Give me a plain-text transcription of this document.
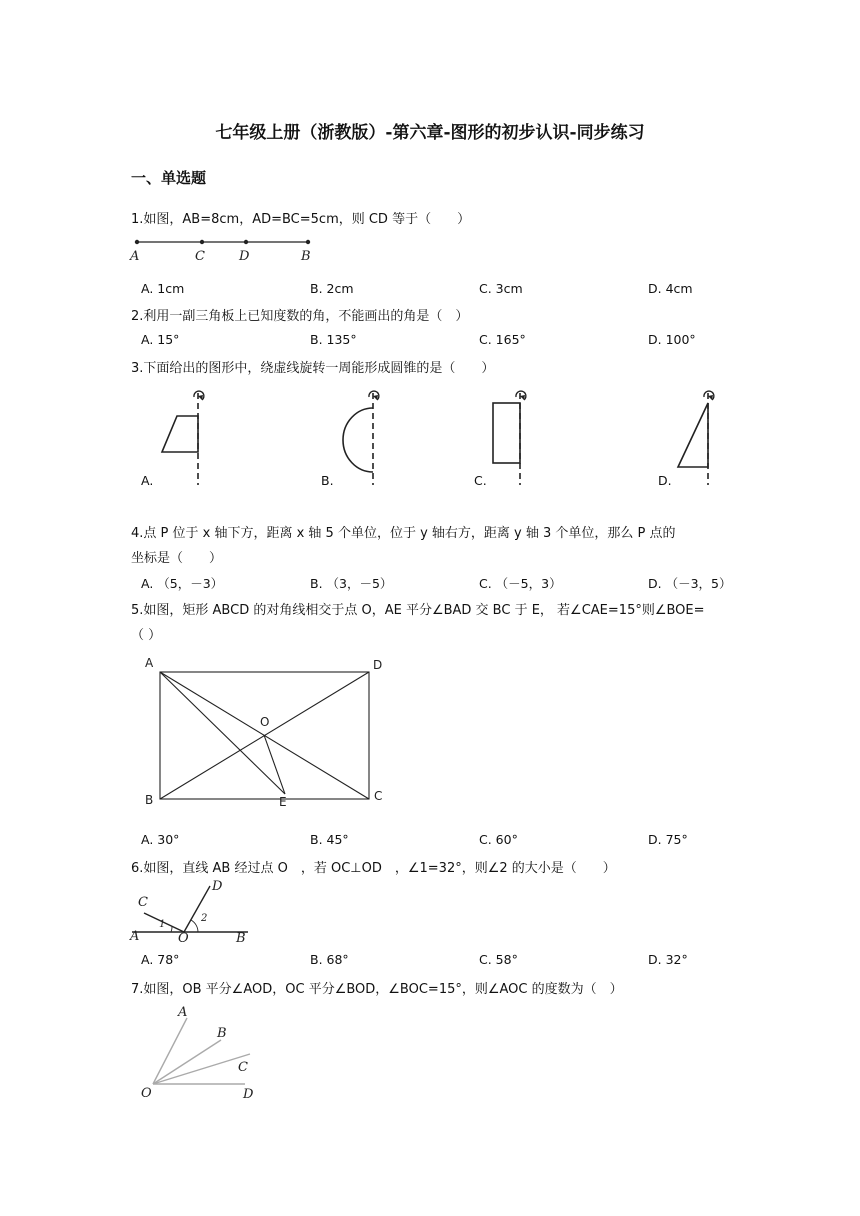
七年级上册（浙教版）-第六章-图形的初步认识-同步练习
一、单选题
1.如图，AB=8cm，AD=BC=5cm，则 CD 等于（　　）
A	C	D	B
A. 1cm	B. 2cm	C. 3cm	D. 4cm
2.利用一副三角板上已知度数的角，不能画出的角是（　）
A. 15°	B. 135°	C. 165°	D. 100°
3.下面给出的图形中，绕虚线旋转一周能形成圆锥的是（　　）
A.	B.	C.	D.
4.点 P 位于 x 轴下方，距离 x 轴 5 个单位，位于 y 轴右方，距离 y 轴 3 个单位，那么 P 点的
坐标是（　　）
A. （5，－3）	B. （3，－5）	C. （－5，3）	D. （－3，5）
5.如图，矩形 ABCD 的对角线相交于点 O，AE 平分∠BAD 交 BC 于 E， 若∠CAE=15°则∠BOE=
（ ）
A	D
O
B	E	C
A. 30°	B. 45°	C. 60°	D. 75°
6.如图，直线 AB 经过点 O　，若 OC⊥OD　，∠1=32°，则∠2 的大小是（　　）
C
D
1
2
A	O	B
A. 78°	B. 68°	C. 58°	D. 32°
7.如图，OB 平分∠AOD，OC 平分∠BOD，∠BOC=15°，则∠AOC 的度数为（　）
A
B
C
O	D
